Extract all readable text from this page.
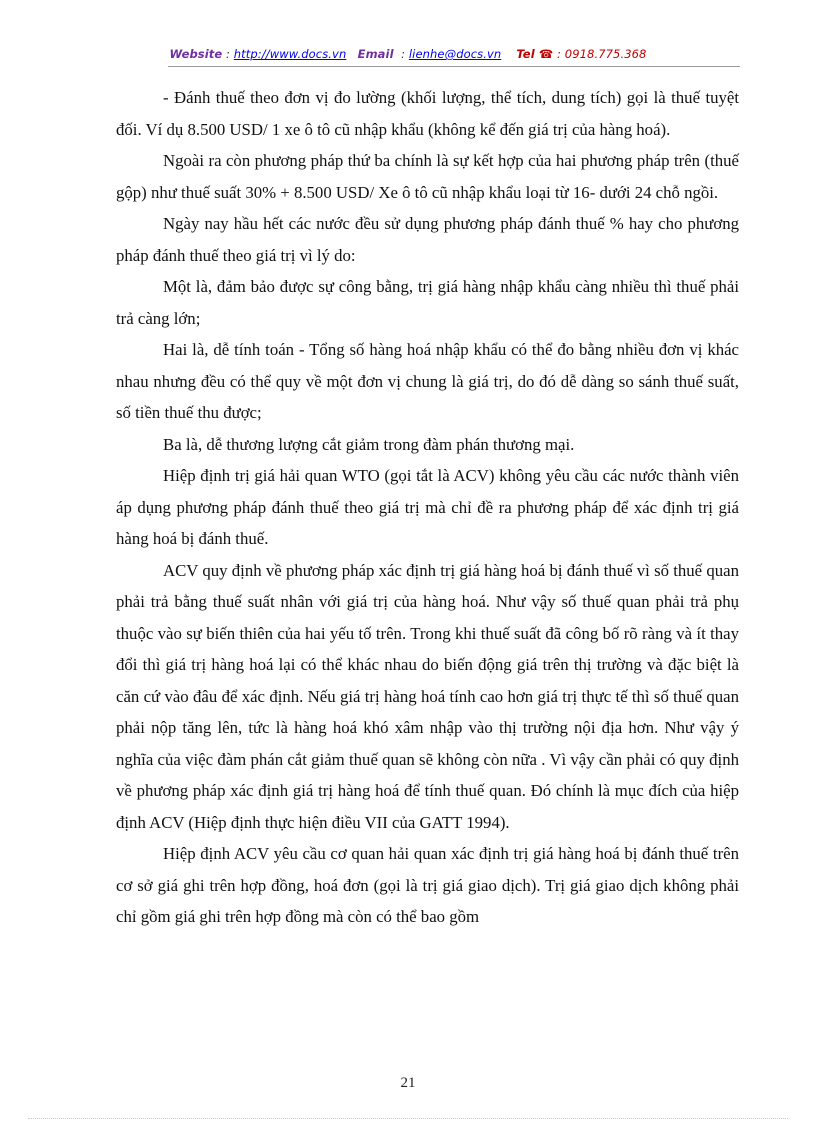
Website : http://www.docs.vn Email  : lienhe@docs.vn Tel ☎ : 0918.775.368

- Đánh thuế theo đơn vị đo lường (khối lượng, thể tích, dung tích) gọi là thuế tuyệt đối. Ví dụ 8.500 USD/ 1 xe ô tô cũ nhập khẩu (không kể đến giá trị của hàng hoá).

Ngoài ra còn phương pháp thứ ba chính là sự kết hợp của hai phương pháp trên (thuế gộp) như thuế suất 30% + 8.500 USD/ Xe ô tô cũ nhập khẩu loại từ 16- dưới 24 chỗ ngồi.

Ngày nay hầu hết các nước đều sử dụng phương pháp đánh thuế % hay cho phương pháp đánh thuế theo giá trị vì lý do:

Một là, đảm bảo được sự công bằng, trị giá hàng nhập khẩu càng nhiều thì thuế phải trả càng lớn;

Hai là, dễ tính toán - Tổng số hàng hoá nhập khẩu có thể đo bằng nhiều đơn vị khác nhau nhưng đều có thể quy về một đơn vị chung là giá trị, do đó dễ dàng so sánh thuế suất, số tiền thuế thu được;

Ba là, dễ thương lượng cắt giảm trong đàm phán thương mại.

Hiệp định trị giá hải quan WTO (gọi tắt là ACV) không yêu cầu các nước thành viên áp dụng phương pháp đánh thuế theo giá trị mà chỉ đề ra phương pháp để xác định trị giá hàng hoá bị đánh thuế.

ACV quy định về phương pháp xác định trị giá hàng hoá bị đánh thuế vì số thuế quan phải trả bằng thuế suất nhân với giá trị của hàng hoá. Như vậy số thuế quan phải trả phụ thuộc vào sự biến thiên của hai yếu tố trên. Trong khi thuế suất đã công bố rõ ràng và ít thay đổi thì giá trị hàng hoá lại có thể khác nhau do biến động giá trên thị trường và đặc biệt là căn cứ vào đâu để xác định. Nếu giá trị hàng hoá tính cao hơn giá trị thực tế thì số thuế quan phải nộp tăng lên, tức là hàng hoá khó xâm nhập vào thị trường nội địa hơn. Như vậy ý nghĩa của việc đàm phán cắt giảm thuế quan sẽ không còn nữa . Vì vậy cần phải có quy định về phương pháp xác định giá trị hàng hoá để tính thuế quan. Đó chính là mục đích của hiệp định ACV (Hiệp định thực hiện điều VII của GATT 1994).

Hiệp định ACV yêu cầu cơ quan hải quan xác định trị giá hàng hoá bị đánh thuế trên cơ sở giá ghi trên hợp đồng, hoá đơn (gọi là trị giá giao dịch). Trị giá giao dịch không phải chỉ gồm giá ghi trên hợp đồng mà còn có thể bao gồm

21
